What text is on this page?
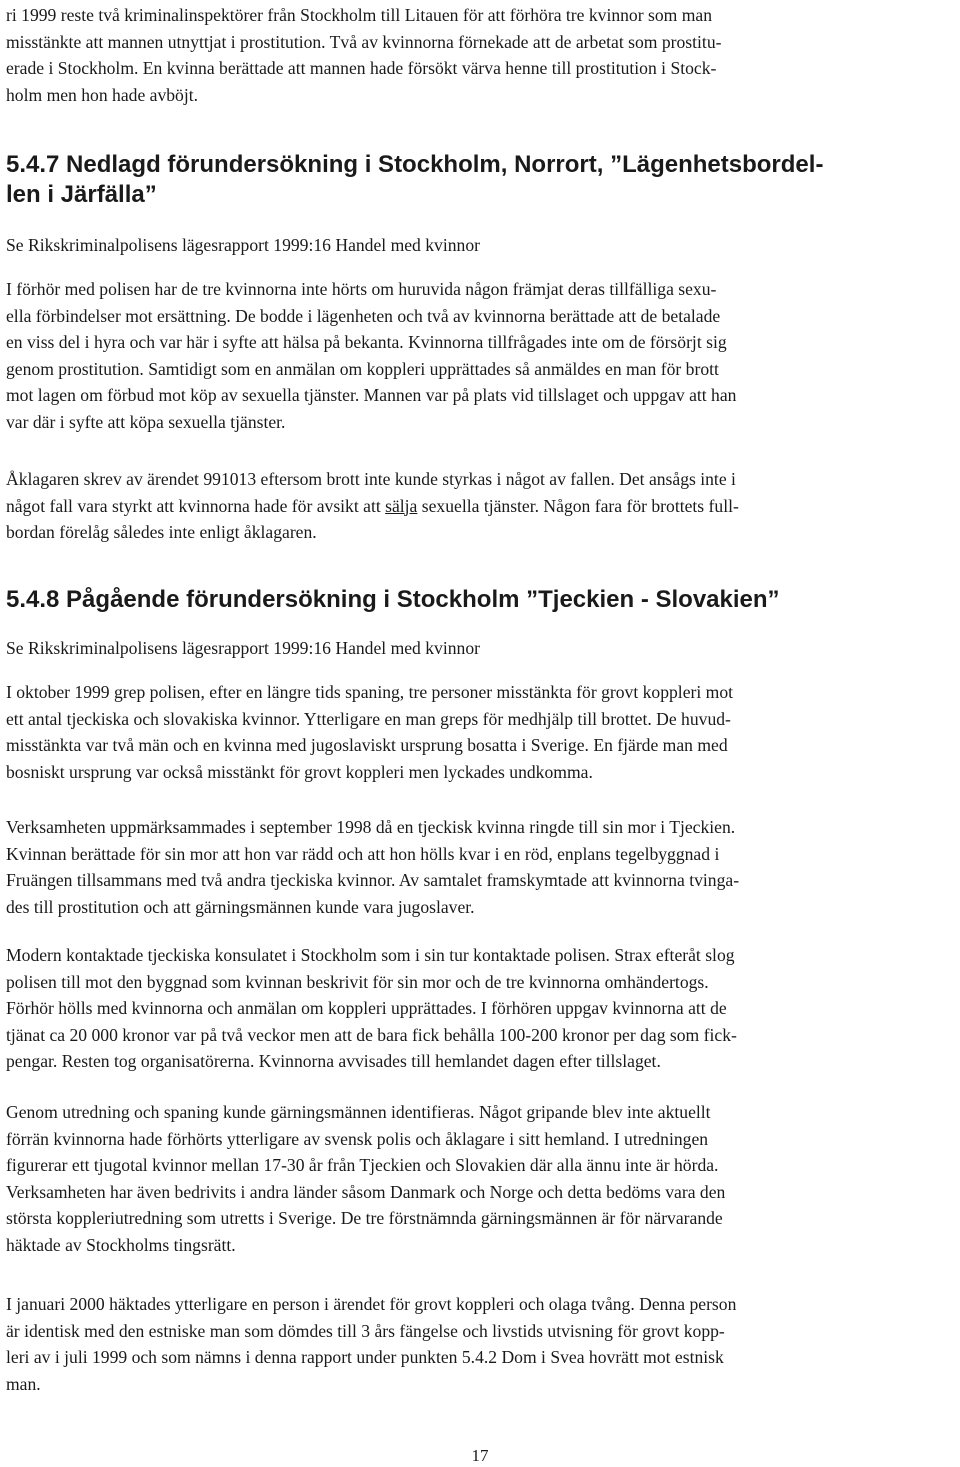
ri 1999 reste två kriminalinspektörer från Stockholm till Litauen för att förhöra tre kvinnor som man
misstänkte att mannen utnyttjat i prostitution. Två av kvinnorna förnekade att de arbetat som prostitu-
erade i Stockholm. En kvinna berättade att mannen hade försökt värva henne till prostitution i Stock-
holm men hon hade avböjt.

5.4.7 Nedlagd förundersökning i Stockholm, Norrort, ”Lägenhetsbordel-
len i Järfälla”

Se Rikskriminalpolisens lägesrapport 1999:16 Handel med kvinnor

I förhör med polisen har de tre kvinnorna inte hörts om huruvida någon främjat deras tillfälliga sexu-
ella förbindelser mot ersättning. De bodde i lägenheten och två av kvinnorna berättade att de betalade
en viss del i hyra och var här i syfte att hälsa på bekanta. Kvinnorna tillfrågades inte om de försörjt sig
genom prostitution. Samtidigt som en anmälan om koppleri upprättades så anmäldes en man för brott
mot lagen om förbud mot köp av sexuella tjänster. Mannen var på plats vid tillslaget och uppgav att han
var där i syfte att köpa sexuella tjänster.

Åklagaren skrev av ärendet 991013 eftersom brott inte kunde styrkas i något av fallen. Det ansågs inte i
något fall vara styrkt att kvinnorna hade för avsikt att sälja sexuella tjänster. Någon fara för brottets full-
bordan förelåg således inte enligt åklagaren.

5.4.8 Pågående förundersökning i Stockholm ”Tjeckien - Slovakien”

Se Rikskriminalpolisens lägesrapport 1999:16 Handel med kvinnor

I oktober 1999 grep polisen, efter en längre tids spaning, tre personer misstänkta för grovt koppleri mot
ett antal tjeckiska och slovakiska kvinnor. Ytterligare en man greps för medhjälp till brottet. De huvud-
misstänkta var två män och en kvinna med jugoslaviskt ursprung bosatta i Sverige. En fjärde man med
bosniskt ursprung var också misstänkt för grovt koppleri men lyckades undkomma.

Verksamheten uppmärksammades i september 1998 då en tjeckisk kvinna ringde till sin mor i Tjeckien.
Kvinnan berättade för sin mor att hon var rädd och att hon hölls kvar i en röd, enplans tegelbyggnad i
Fruängen tillsammans med två andra tjeckiska kvinnor. Av samtalet framskymtade att kvinnorna tvinga-
des till prostitution och att gärningsmännen kunde vara jugoslaver.

Modern kontaktade tjeckiska konsulatet i Stockholm som i sin tur kontaktade polisen. Strax efteråt slog
polisen till mot den byggnad som kvinnan beskrivit för sin mor och de tre kvinnorna omhändertogs.
Förhör hölls med kvinnorna och anmälan om koppleri upprättades. I förhören uppgav kvinnorna att de
tjänat ca 20 000 kronor var på två veckor men att de bara fick behålla 100-200 kronor per dag som fick-
pengar. Resten tog organisatörerna. Kvinnorna avvisades till hemlandet dagen efter tillslaget.

Genom utredning och spaning kunde gärningsmännen identifieras. Något gripande blev inte aktuellt
förrän kvinnorna hade förhörts ytterligare av svensk polis och åklagare i sitt hemland. I utredningen
figurerar ett tjugotal kvinnor mellan 17-30 år från Tjeckien och Slovakien där alla ännu inte är hörda.
Verksamheten har även bedrivits i andra länder såsom Danmark och Norge och detta bedöms vara den
största koppleriutredning som utretts i Sverige. De tre förstnämnda gärningsmännen är för närvarande
häktade av Stockholms tingsrätt.

I januari 2000 häktades ytterligare en person i ärendet för grovt koppleri och olaga tvång. Denna person
är identisk med den estniske man som dömdes till 3 års fängelse och livstids utvisning för grovt kopp-
leri av i juli 1999 och som nämns i denna rapport under punkten 5.4.2 Dom i Svea hovrätt mot estnisk
man.

17
